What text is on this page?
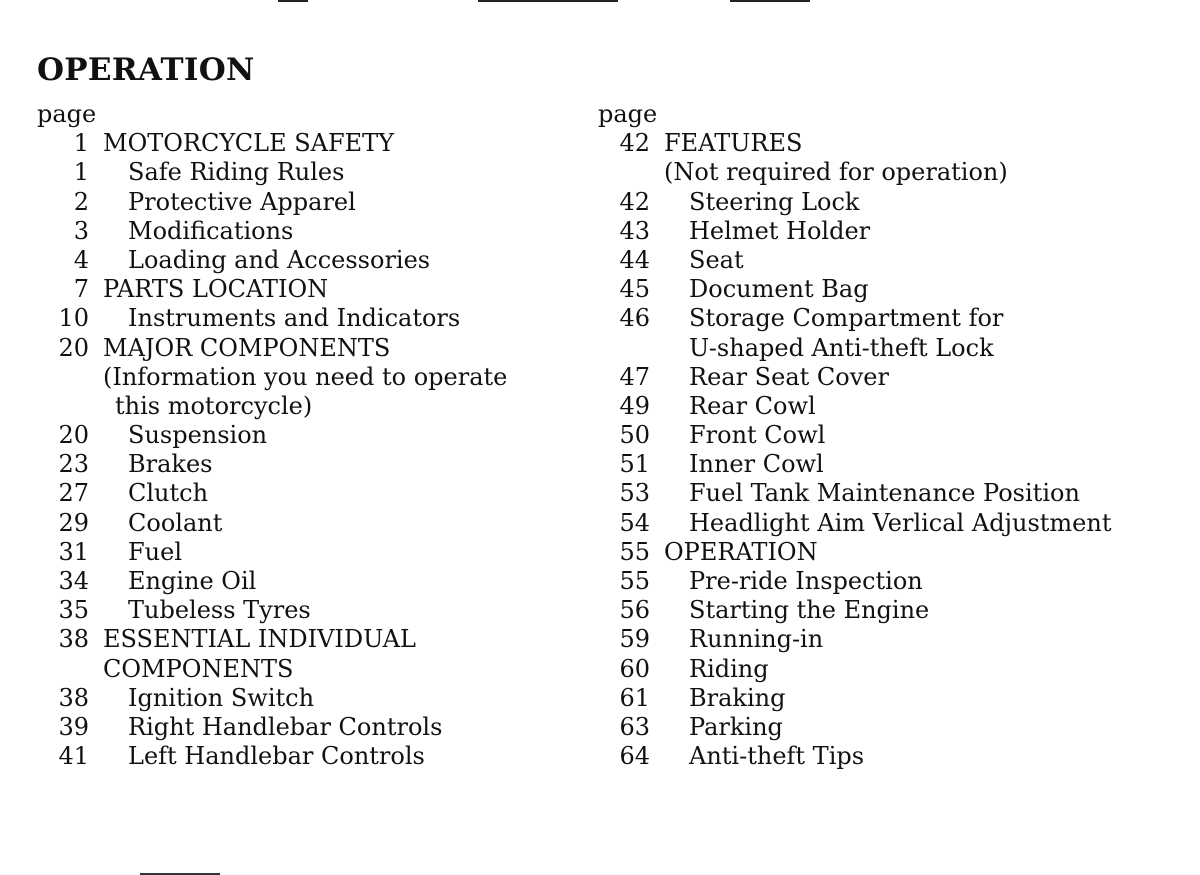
OPERATION
page
1 MOTORCYCLE SAFETY
1	Safe Riding Rules
2	Protective Apparel
3	Modifications
4	Loading and Accessories
7 PARTS LOCATION
10	Instruments and Indicators
20 MAJOR COMPONENTS
(Information you need to operate
this motorcycle)
20	Suspension
23	Brakes
27	Clutch
29	Coolant
31	Fuel
34	Engine Oil
35	Tubeless Tyres
38 ESSENTIAL INDIVIDUAL
COMPONENTS
38	Ignition Switch
39	Right Handlebar Controls
41	Left Handlebar Controls
page
42 FEATURES
(Not required for operation)
42	Steering Lock
43	Helmet Holder
44	Seat
45	Document Bag
46	Storage Compartment for
U-shaped Anti-theft Lock
47	Rear Seat Cover
49	Rear Cowl
50	Front Cowl
51	Inner Cowl
53	Fuel Tank Maintenance Position
54	Headlight Aim Verlical Adjustment
55 OPERATION
55	Pre-ride Inspection
56	Starting the Engine
59	Running-in
60	Riding
61	Braking
63	Parking
64	Anti-theft Tips
